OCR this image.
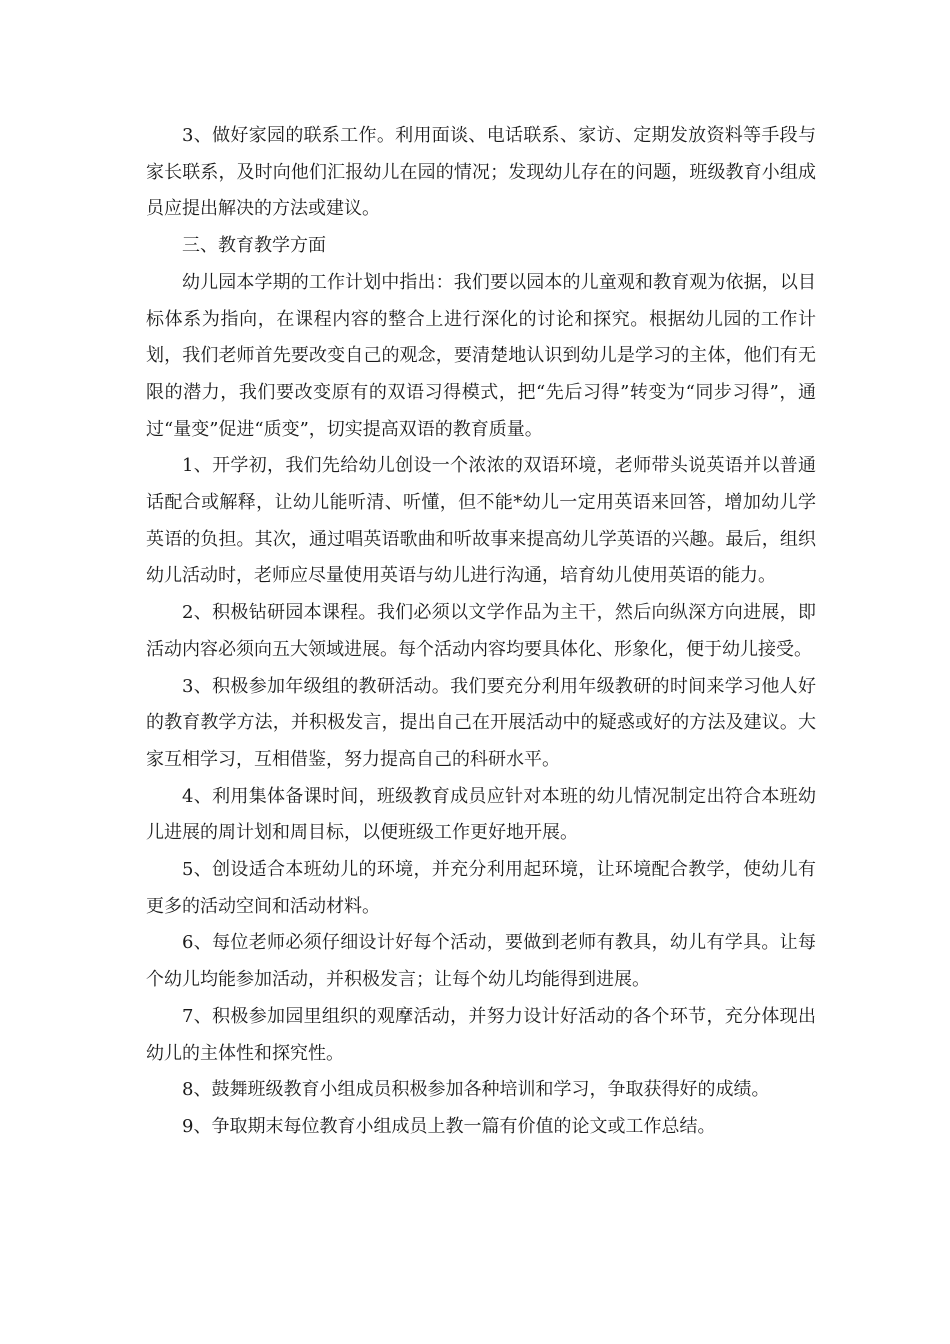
3、做好家园的联系工作。利用面谈、电话联系、家访、定期发放资料等手段与家长联系，及时向他们汇报幼儿在园的情况；发现幼儿存在的问题，班级教育小组成员应提出解决的方法或建议。

三、教育教学方面

幼儿园本学期的工作计划中指出：我们要以园本的儿童观和教育观为依据，以目标体系为指向，在课程内容的整合上进行深化的讨论和探究。根据幼儿园的工作计划，我们老师首先要改变自己的观念，要清楚地认识到幼儿是学习的主体，他们有无限的潜力，我们要改变原有的双语习得模式，把“先后习得”转变为“同步习得”，通过“量变”促进“质变”，切实提高双语的教育质量。

1、开学初，我们先给幼儿创设一个浓浓的双语环境，老师带头说英语并以普通话配合或解释，让幼儿能听清、听懂，但不能*幼儿一定用英语来回答，增加幼儿学英语的负担。其次，通过唱英语歌曲和听故事来提高幼儿学英语的兴趣。最后，组织幼儿活动时，老师应尽量使用英语与幼儿进行沟通，培育幼儿使用英语的能力。

2、积极钻研园本课程。我们必须以文学作品为主干，然后向纵深方向进展，即活动内容必须向五大领域进展。每个活动内容均要具体化、形象化，便于幼儿接受。

3、积极参加年级组的教研活动。我们要充分利用年级教研的时间来学习他人好的教育教学方法，并积极发言，提出自己在开展活动中的疑惑或好的方法及建议。大家互相学习，互相借鉴，努力提高自己的科研水平。

4、利用集体备课时间，班级教育成员应针对本班的幼儿情况制定出符合本班幼儿进展的周计划和周目标，以便班级工作更好地开展。

5、创设适合本班幼儿的环境，并充分利用起环境，让环境配合教学，使幼儿有更多的活动空间和活动材料。

6、每位老师必须仔细设计好每个活动，要做到老师有教具，幼儿有学具。让每个幼儿均能参加活动，并积极发言；让每个幼儿均能得到进展。

7、积极参加园里组织的观摩活动，并努力设计好活动的各个环节，充分体现出幼儿的主体性和探究性。

8、鼓舞班级教育小组成员积极参加各种培训和学习，争取获得好的成绩。

9、争取期末每位教育小组成员上教一篇有价值的论文或工作总结。
